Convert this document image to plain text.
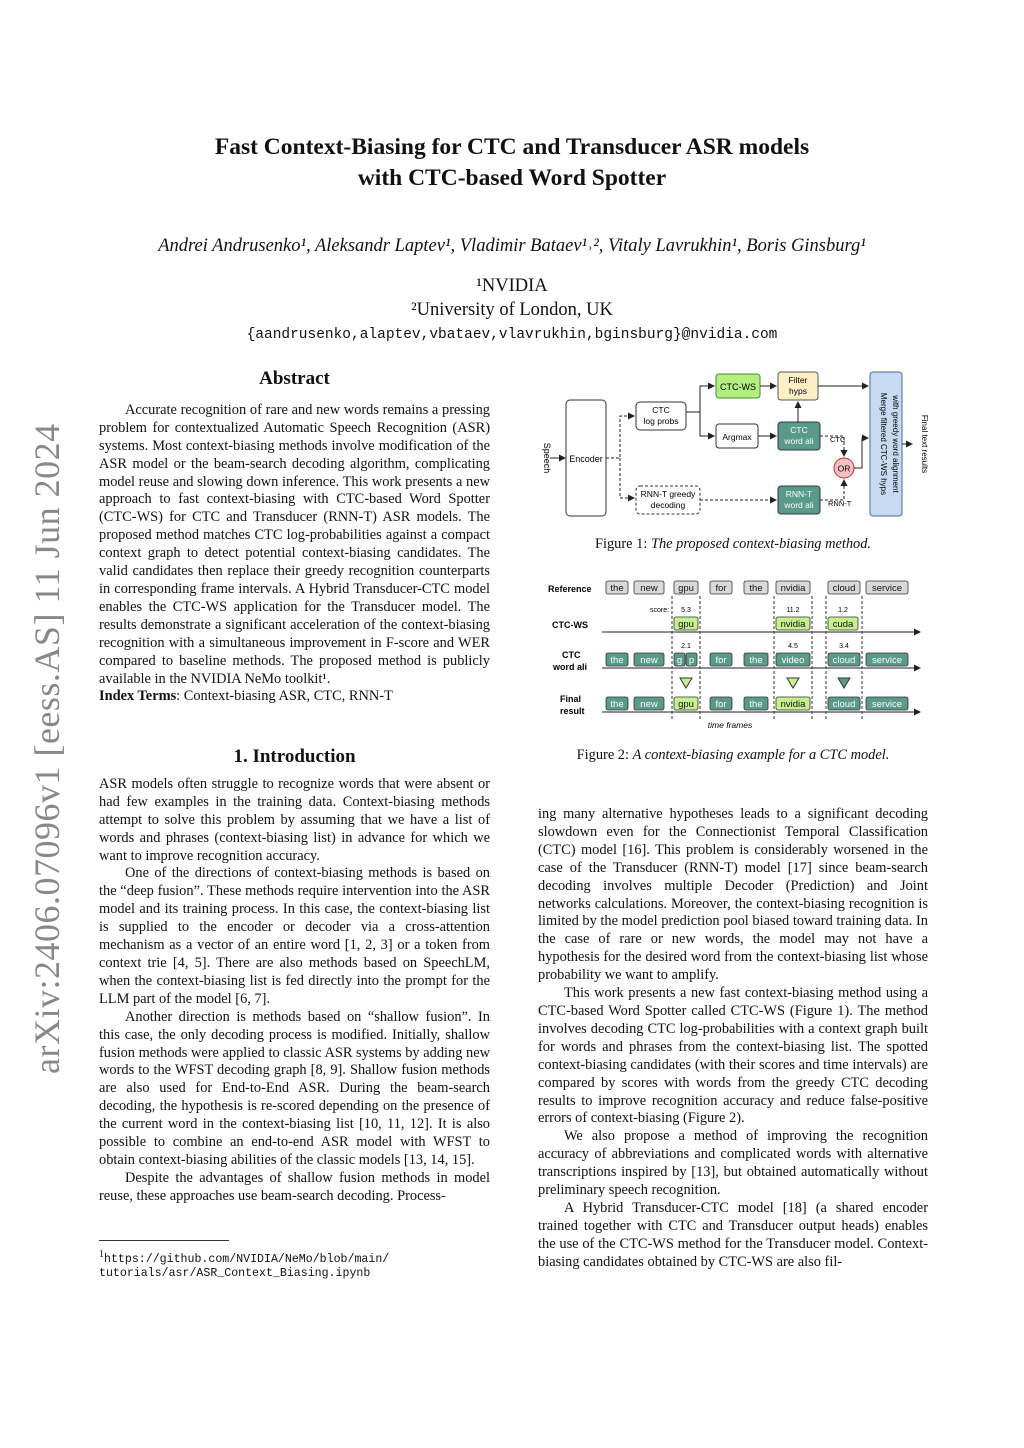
arXiv:2406.07096v1 [eess.AS] 11 Jun 2024
Fast Context-Biasing for CTC and Transducer ASR models
with CTC-based Word Spotter
Andrei Andrusenko¹, Aleksandr Laptev¹, Vladimir Bataev¹˒², Vitaly Lavrukhin¹, Boris Ginsburg¹
¹NVIDIA
²University of London, UK
{aandrusenko,alaptev,vbataev,vlavrukhin,bginsburg}@nvidia.com
Abstract

Accurate recognition of rare and new words remains a pressing problem for contextualized Automatic Speech Recognition (ASR) systems. Most context-biasing methods involve modification of the ASR model or the beam-search decoding algorithm, complicating model reuse and slowing down inference. This work presents a new approach to fast context-biasing with CTC-based Word Spotter (CTC-WS) for CTC and Transducer (RNN-T) ASR models. The proposed method matches CTC log-probabilities against a compact context graph to detect potential context-biasing candidates. The valid candidates then replace their greedy recognition counterparts in corresponding frame intervals. A Hybrid Transducer-CTC model enables the CTC-WS application for the Transducer model. The results demonstrate a significant acceleration of the context-biasing recognition with a simultaneous improvement in F-score and WER compared to baseline methods. The proposed method is publicly available in the NVIDIA NeMo toolkit¹.

Index Terms: Context-biasing ASR, CTC, RNN-T

1. Introduction

ASR models often struggle to recognize words that were absent or had few examples in the training data. Context-biasing methods attempt to solve this problem by assuming that we have a list of words and phrases (context-biasing list) in advance for which we want to improve recognition accuracy.

One of the directions of context-biasing methods is based on the “deep fusion”. These methods require intervention into the ASR model and its training process. In this case, the context-biasing list is supplied to the encoder or decoder via a cross-attention mechanism as a vector of an entire word [1, 2, 3] or a token from context trie [4, 5]. There are also methods based on SpeechLM, when the context-biasing list is fed directly into the prompt for the LLM part of the model [6, 7].

Another direction is methods based on “shallow fusion”. In this case, the only decoding process is modified. Initially, shallow fusion methods were applied to classic ASR systems by adding new words to the WFST decoding graph [8, 9]. Shallow fusion methods are also used for End-to-End ASR. During the beam-search decoding, the hypothesis is re-scored depending on the presence of the current word in the context-biasing list [10, 11, 12]. It is also possible to combine an end-to-end ASR model with WFST to obtain context-biasing abilities of the classic models [13, 14, 15].

Despite the advantages of shallow fusion methods in model reuse, these approaches use beam-search decoding. Process-

$^1$https://github.com/NVIDIA/NeMo/blob/main/
tutorials/asr/ASR_Context_Biasing.ipynb
Speech Encoder
CTC
log probs
CTC-WS
Filter
hyps
Argmax
CTC
word ali CTC
OR
RNN-T greedy
decoding
RNN-T
word ali RNN-T
Merge filtered CTC-WS hyps with greedy word alignment	Final text results
Figure 1: The proposed context-biasing method.
Reference
CTC-WS
CTC
word ali
Final
result
score:
the new gpu for the nvidia	cloud service
gpu	nvidia	cuda
5.3	11.2	1.2
the new g p for the video	cloud service
2.1	4.5	3.4
the new gpu for the nvidia	cloud service
time frames
Figure 2: A context-biasing example for a CTC model.

ing many alternative hypotheses leads to a significant decoding slowdown even for the Connectionist Temporal Classification (CTC) model [16]. This problem is considerably worsened in the case of the Transducer (RNN-T) model [17] since beam-search decoding involves multiple Decoder (Prediction) and Joint networks calculations. Moreover, the context-biasing recognition is limited by the model prediction pool biased toward training data. In the case of rare or new words, the model may not have a hypothesis for the desired word from the context-biasing list whose probability we want to amplify.

This work presents a new fast context-biasing method using a CTC-based Word Spotter called CTC-WS (Figure 1). The method involves decoding CTC log-probabilities with a context graph built for words and phrases from the context-biasing list. The spotted context-biasing candidates (with their scores and time intervals) are compared by scores with words from the greedy CTC decoding results to improve recognition accuracy and reduce false-positive errors of context-biasing (Figure 2).

We also propose a method of improving the recognition accuracy of abbreviations and complicated words with alternative transcriptions inspired by [13], but obtained automatically without preliminary speech recognition.

A Hybrid Transducer-CTC model [18] (a shared encoder trained together with CTC and Transducer output heads) enables the use of the CTC-WS method for the Transducer model. Context-biasing candidates obtained by CTC-WS are also fil-
